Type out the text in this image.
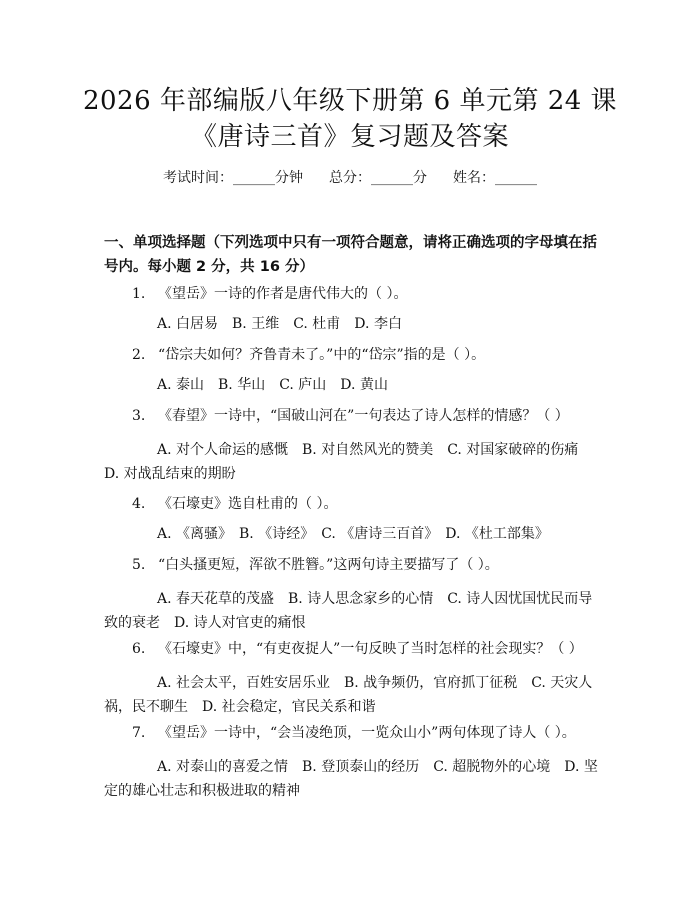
2026 年部编版八年级下册第 6 单元第 24 课
《唐诗三首》复习题及答案
考试时间：______分钟 总分：______分 姓名：______
一、单项选择题（下列选项中只有一项符合题意，请将正确选项的字母填在括号内。每小题 2 分，共 16 分）
1. 《望岳》一诗的作者是唐代伟大的（ ）。
A. 白居易　B. 王维　C. 杜甫　D. 李白
2. “岱宗夫如何？齐鲁青未了。”中的“岱宗”指的是（ ）。
A. 泰山　B. 华山　C. 庐山　D. 黄山
3. 《春望》一诗中，“国破山河在”一句表达了诗人怎样的情感？（ ）
A. 对个人命运的感慨　B. 对自然风光的赞美　C. 对国家破碎的伤痛　D. 对战乱结束的期盼
4. 《石壕吏》选自杜甫的（ ）。
A. 《离骚》　B. 《诗经》　C. 《唐诗三百首》　D. 《杜工部集》
5. “白头搔更短，浑欲不胜簪。”这两句诗主要描写了（ ）。
A. 春天花草的茂盛　B. 诗人思念家乡的心情　C. 诗人因忧国忧民而导致的衰老　D. 诗人对官吏的痛恨
6. 《石壕吏》中，“有吏夜捉人”一句反映了当时怎样的社会现实？（ ）
A. 社会太平，百姓安居乐业　B. 战争频仍，官府抓丁征税　C. 天灾人祸，民不聊生　D. 社会稳定，官民关系和谐
7. 《望岳》一诗中，“会当凌绝顶，一览众山小”两句体现了诗人（ ）。
A. 对泰山的喜爱之情　B. 登顶泰山的经历　C. 超脱物外的心境　D. 坚定的雄心壮志和积极进取的精神
